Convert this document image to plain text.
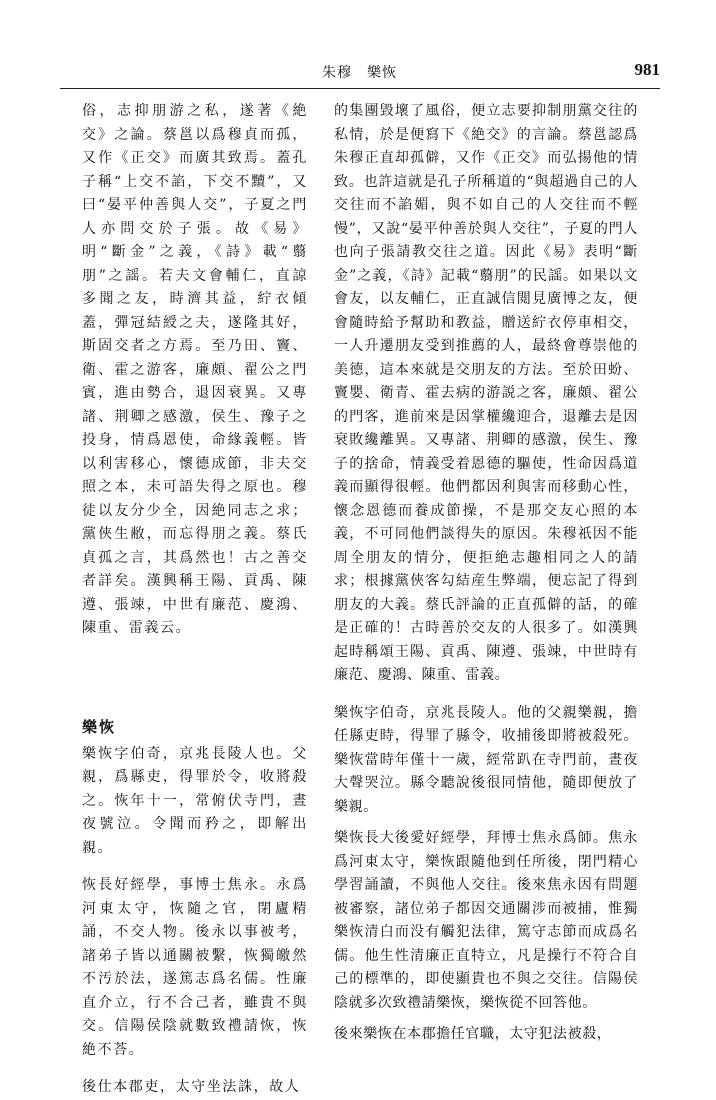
朱穆　樂恢	981

俗，志抑朋游之私，遂著《絶交》之論。蔡邕以爲穆貞而孤，又作《正交》而廣其致焉。蓋孔子稱“上交不諂，下交不黷”，又曰“晏平仲善與人交”，子夏之門人亦問交於子張。故《易》明“斷金”之義，《詩》載“蘙朋”之謡。若夫文會輔仁，直諒多聞之友，時濟其益，紵衣傾蓋，彈冠結綬之夫，遂隆其好，斯固交者之方焉。至乃田、竇、衛、霍之游客，廉頗、翟公之門賓，進由勢合，退因衰異。又專諸、荆卿之感激，侯生、豫子之投身，情爲恩使，命緣義輕。皆以利害移心，懷德成節，非夫交照之本，未可語失得之原也。穆徒以友分少全，因絶同志之求；黨俠生敝，而忘得朋之義。蔡氏貞孤之言，其爲然也！古之善交者詳矣。漢興稱王陽、貢禹、陳遵、張竦，中世有廉范、慶鴻、陳重、雷義云。

樂恢

樂恢字伯奇，京兆長陵人也。父親，爲縣吏，得罪於令，收將殺之。恢年十一，常俯伏寺門，晝夜號泣。令聞而矜之，即解出親。

恢長好經學，事博士焦永。永爲河東太守，恢隨之官，閉廬精誦，不交人物。後永以事被考，諸弟子皆以通關被繫，恢獨皦然不汚於法，遂篤志爲名儒。性廉直介立，行不合己者，雖貴不與交。信陽侯陰就數致禮請恢，恢絶不荅。

後仕本郡吏，太守坐法誅，故人

的集團毀壞了風俗，便立志要抑制朋黨交往的私情，於是便寫下《絶交》的言論。蔡邕認爲朱穆正直却孤僻，又作《正交》而弘揚他的情致。也許這就是孔子所稱道的“與超過自己的人交往而不諂媚，與不如自己的人交往而不輕慢”，又說“晏平仲善於與人交往”，子夏的門人也向子張請教交往之道。因此《易》表明“斷金”之義，《詩》記載“蘙朋”的民謡。如果以文會友，以友輔仁，正直誠信閲見廣博之友，便會隨時給予幫助和教益，贈送紵衣停車相交，一人升遷朋友受到推薦的人，最終會尊崇他的美德，這本來就是交朋友的方法。至於田蚡、竇嬰、衛青、霍去病的游説之客，廉頗、翟公的門客，進前來是因掌權纔迎合，退離去是因衰敗纔離異。又專諸、荆卿的感激，侯生、豫子的捨命，情義受着恩德的驅使，性命因爲道義而顯得很輕。他們都因利與害而移動心性，懷念恩德而養成節操，不是那交友心照的本義，不可同他們談得失的原因。朱穆祇因不能周全朋友的情分，便拒絶志趣相同之人的請求；根據黨俠客勾結産生弊端，便忘記了得到朋友的大義。蔡氏評論的正直孤僻的話，的確是正確的！古時善於交友的人很多了。如漢興起時稱頌王陽、貢禹、陳遵、張竦，中世時有廉范、慶鴻、陳重、雷義。

樂恢字伯奇，京兆長陵人。他的父親樂親，擔任縣吏時，得罪了縣令，收捕後即將被殺死。樂恢當時年僅十一歲，經常趴在寺門前，晝夜大聲哭泣。縣令聽說後很同情他，隨即便放了樂親。

樂恢長大後愛好經學，拜博士焦永爲師。焦永爲河東太守，樂恢跟隨他到任所後，閉門精心學習誦讀，不與他人交往。後來焦永因有問題被審察，諸位弟子都因交通關涉而被捕，惟獨樂恢清白而没有觸犯法律，篤守志節而成爲名儒。他生性清廉正直特立，凡是操行不符合自己的標準的，即使顯貴也不與之交往。信陽侯陰就多次致禮請樂恢，樂恢從不回答他。

後來樂恢在本郡擔任官職，太守犯法被殺，
